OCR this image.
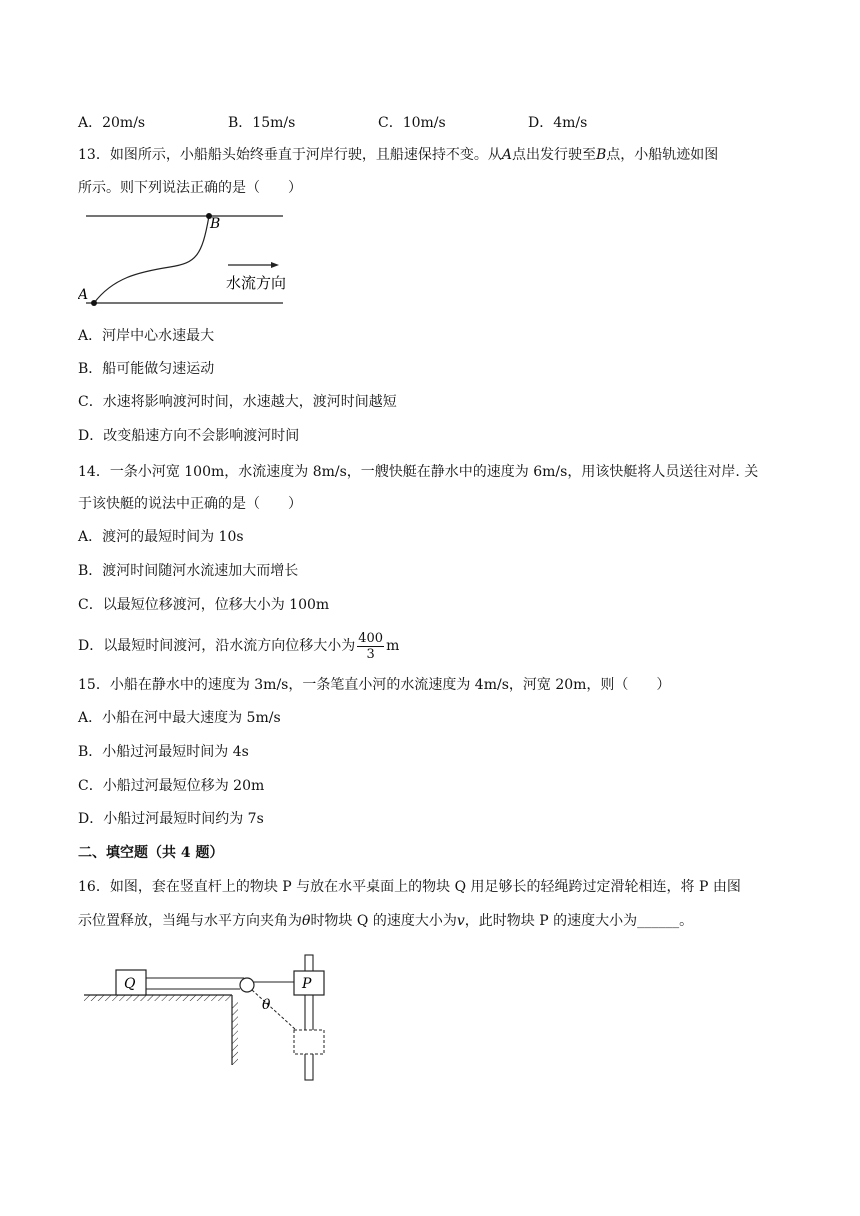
A．20m/s	B．15m/s	C．10m/s	D．4m/s
13．如图所示，小船船头始终垂直于河岸行驶，且船速保持不变。从A点出发行驶至B点，小船轨迹如图
所示。则下列说法正确的是（　　）
A
B
水流方向
A．河岸中心水速最大
B．船可能做匀速运动
C．水速将影响渡河时间，水速越大，渡河时间越短
D．改变船速方向不会影响渡河时间
14．一条小河宽 100m，水流速度为 8m/s，一艘快艇在静水中的速度为 6m/s，用该快艇将人员送往对岸. 关
于该快艇的说法中正确的是（　　）
A．渡河的最短时间为 10s
B．渡河时间随河水流速加大而增长
C．以最短位移渡河，位移大小为 100m
D．以最短时间渡河，沿水流方向位移大小为 $\frac{400}{3}$ m
15．小船在静水中的速度为 3m/s，一条笔直小河的水流速度为 4m/s，河宽 20m，则（　　）
A．小船在河中最大速度为 5m/s
B．小船过河最短时间为 4s
C．小船过河最短位移为 20m
D．小船过河最短时间约为 7s
二、填空题（共 4 题）
16．如图，套在竖直杆上的物块 P 与放在水平桌面上的物块 Q 用足够长的轻绳跨过定滑轮相连，将 P 由图
示位置释放，当绳与水平方向夹角为θ时物块 Q 的速度大小为v，此时物块 P 的速度大小为______。
Q	P
θ
